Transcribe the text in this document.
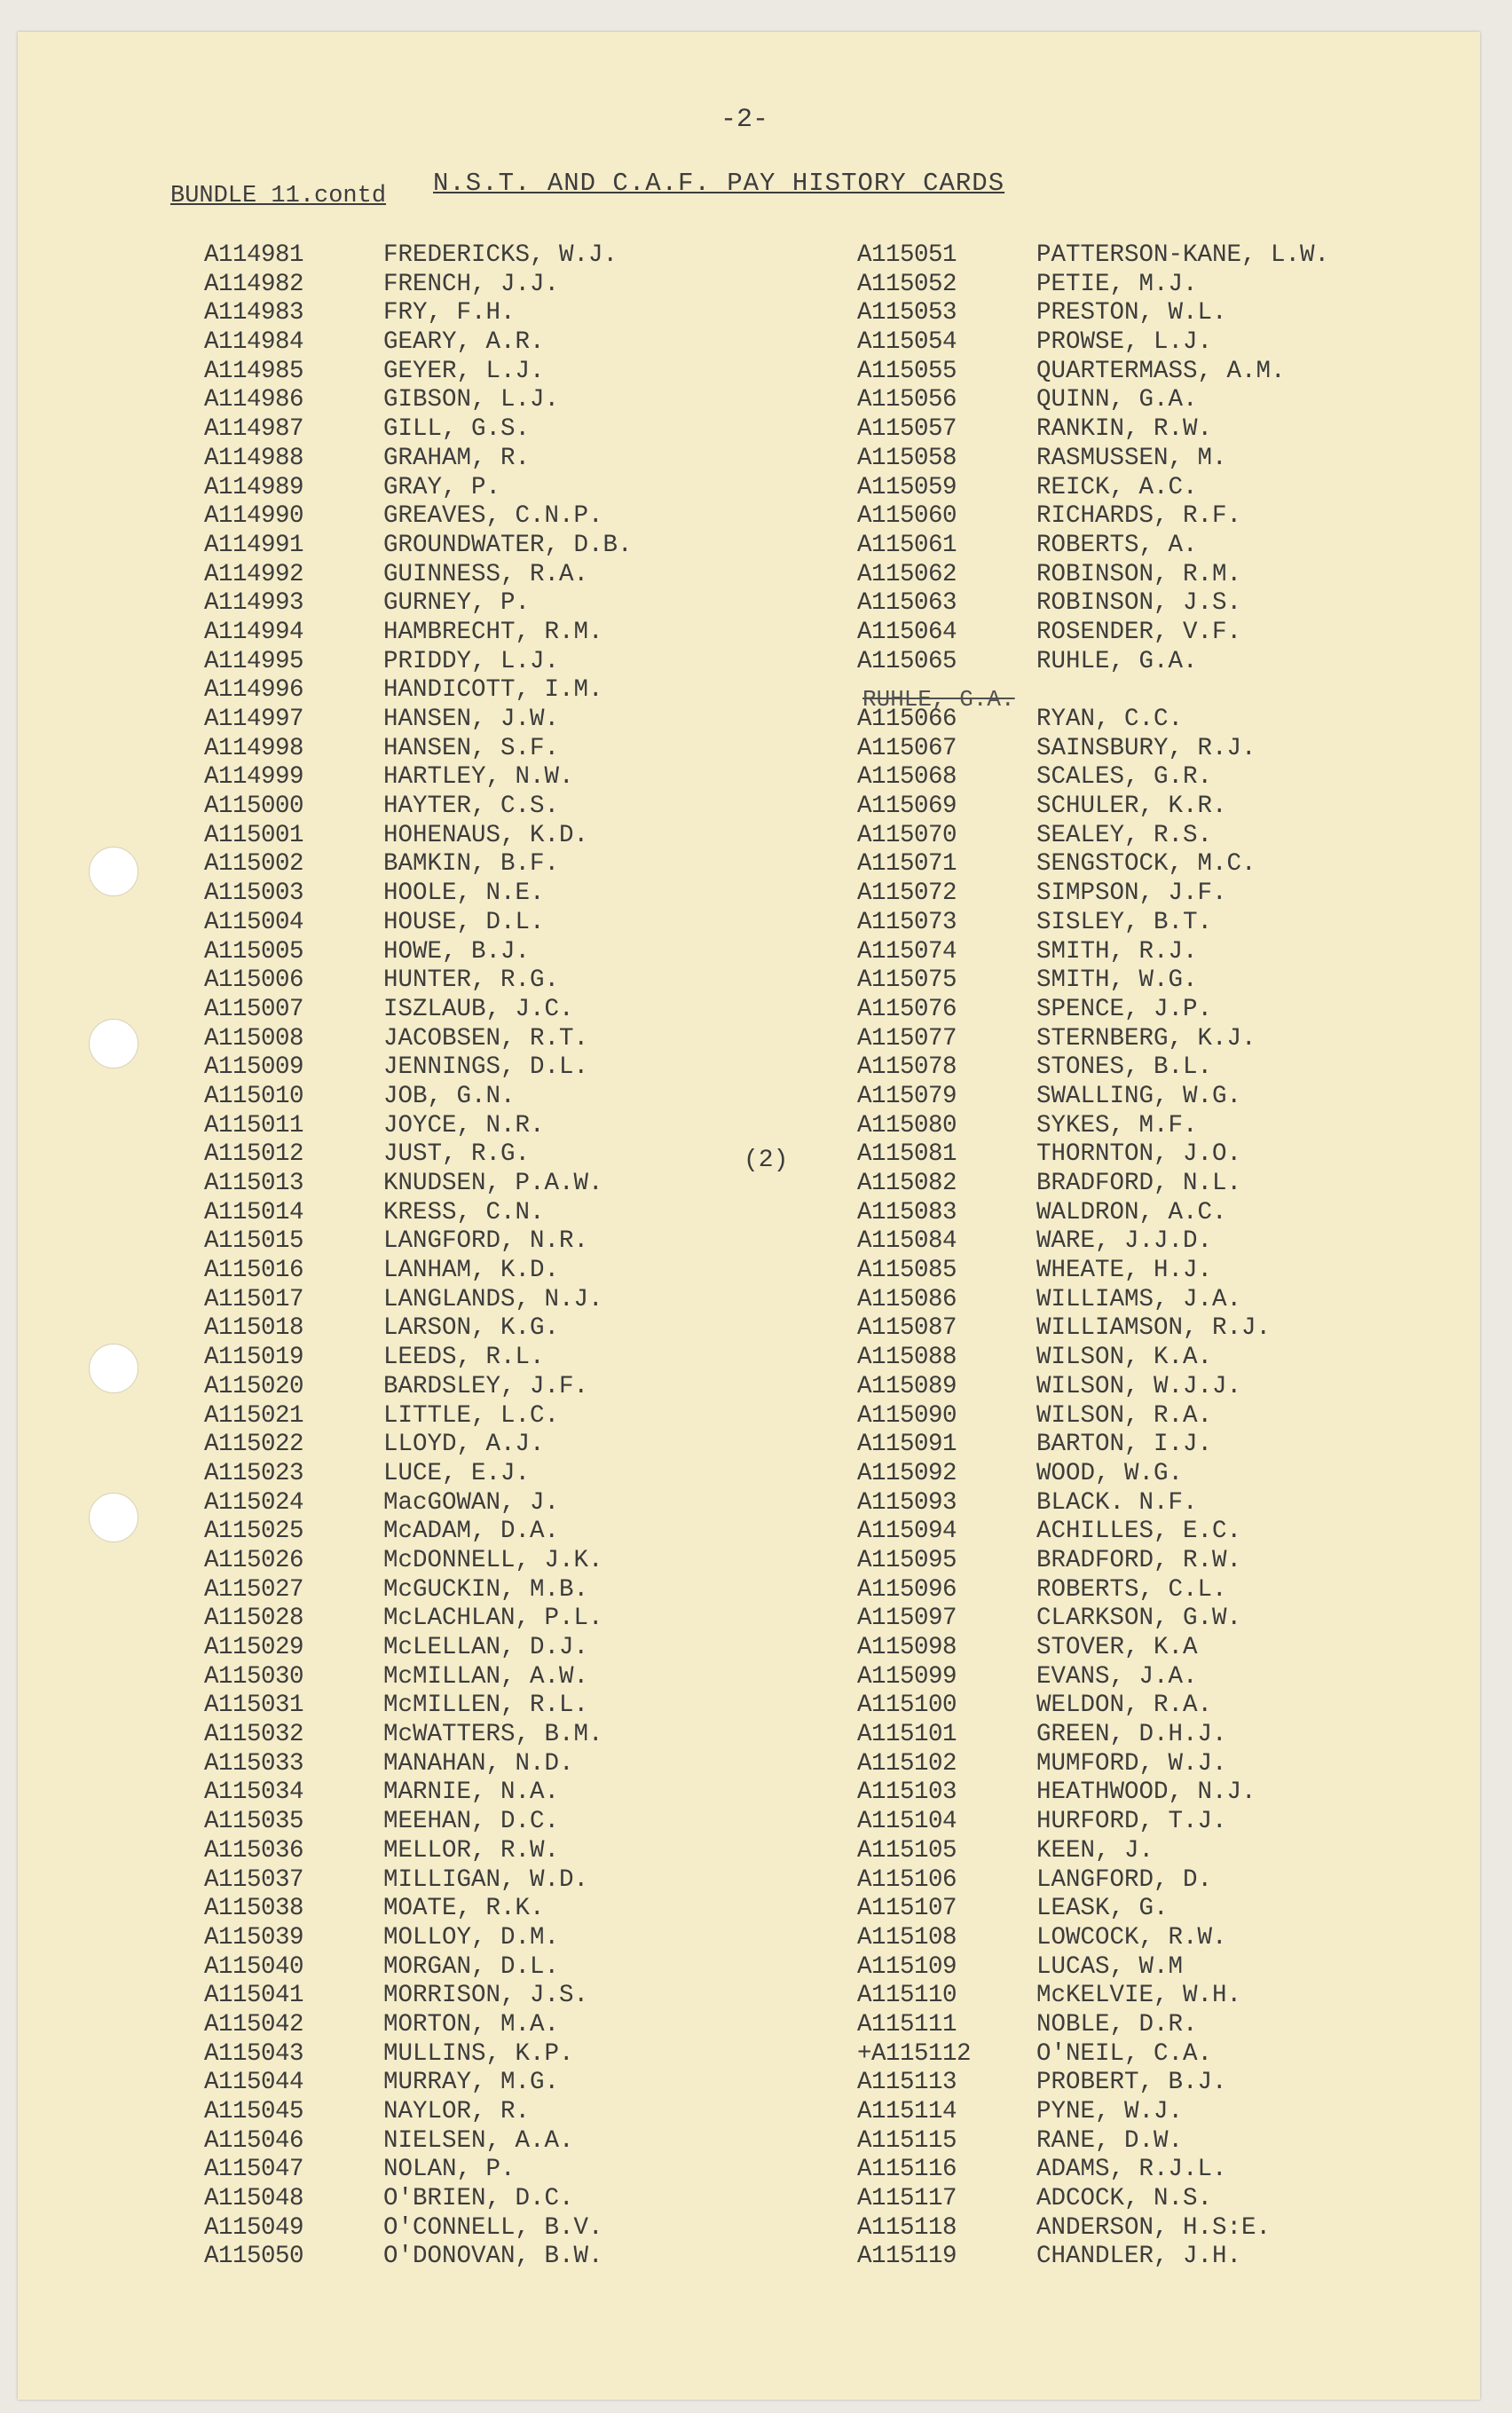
-2-
BUNDLE 11.contd N.S.T. AND C.A.F. PAY HISTORY CARDS
A114981	FREDERICKS, W.J.
A114982	FRENCH, J.J.
A114983	FRY, F.H.
A114984	GEARY, A.R.
A114985	GEYER, L.J.
A114986	GIBSON, L.J.
A114987	GILL, G.S.
A114988	GRAHAM, R.
A114989	GRAY, P.
A114990	GREAVES, C.N.P.
A114991	GROUNDWATER, D.B.
A114992	GUINNESS, R.A.
A114993	GURNEY, P.
A114994	HAMBRECHT, R.M.
A114995	PRIDDY, L.J.
A114996	HANDICOTT, I.M.
A114997	HANSEN, J.W.
A114998	HANSEN, S.F.
A114999	HARTLEY, N.W.
A115000	HAYTER, C.S.
A115001	HOHENAUS, K.D.
A115002	BAMKIN, B.F.
A115003	HOOLE, N.E.
A115004	HOUSE, D.L.
A115005	HOWE, B.J.
A115006	HUNTER, R.G.
A115007	ISZLAUB, J.C.
A115008	JACOBSEN, R.T.
A115009	JENNINGS, D.L.
A115010	JOB, G.N.
A115011	JOYCE, N.R.
A115012	JUST, R.G.
A115013	KNUDSEN, P.A.W.
A115014	KRESS, C.N.
A115015	LANGFORD, N.R.
A115016	LANHAM, K.D.
A115017	LANGLANDS, N.J.
A115018	LARSON, K.G.
A115019	LEEDS, R.L.
A115020	BARDSLEY, J.F.
A115021	LITTLE, L.C.
A115022	LLOYD, A.J.
A115023	LUCE, E.J.
A115024	MacGOWAN, J.
A115025	McADAM, D.A.
A115026	McDONNELL, J.K.
A115027	McGUCKIN, M.B.
A115028	McLACHLAN, P.L.
A115029	McLELLAN, D.J.
A115030	McMILLAN, A.W.
A115031	McMILLEN, R.L.
A115032	McWATTERS, B.M.
A115033	MANAHAN, N.D.
A115034	MARNIE, N.A.
A115035	MEEHAN, D.C.
A115036	MELLOR, R.W.
A115037	MILLIGAN, W.D.
A115038	MOATE, R.K.
A115039	MOLLOY, D.M.
A115040	MORGAN, D.L.
A115041	MORRISON, J.S.
A115042	MORTON, M.A.
A115043	MULLINS, K.P.
A115044	MURRAY, M.G.
A115045	NAYLOR, R.
A115046	NIELSEN, A.A.
A115047	NOLAN, P.
A115048	O'BRIEN, D.C.
A115049	O'CONNELL, B.V.
A115050	O'DONOVAN, B.W.
A115051	PATTERSON-KANE, L.W.
A115052	PETIE, M.J.
A115053	PRESTON, W.L.
A115054	PROWSE, L.J.
A115055	QUARTERMASS, A.M.
A115056	QUINN, G.A.
A115057	RANKIN, R.W.
A115058	RASMUSSEN, M.
A115059	REICK, A.C.
A115060	RICHARDS, R.F.
A115061	ROBERTS, A.
A115062	ROBINSON, R.M.
A115063	ROBINSON, J.S.
A115064	ROSENDER, V.F.
A115065	RUHLE, G.A.
A115066	RYAN, C.C.
A115067	SAINSBURY, R.J.
A115068	SCALES, G.R.
A115069	SCHULER, K.R.
A115070	SEALEY, R.S.
A115071	SENGSTOCK, M.C.
A115072	SIMPSON, J.F.
A115073	SISLEY, B.T.
A115074	SMITH, R.J.
A115075	SMITH, W.G.
A115076	SPENCE, J.P.
A115077	STERNBERG, K.J.
A115078	STONES, B.L.
A115079	SWALLING, W.G.
A115080	SYKES, M.F.
A115081	THORNTON, J.O.
A115082	BRADFORD, N.L.
A115083	WALDRON, A.C.
A115084	WARE, J.J.D.
A115085	WHEATE, H.J.
A115086	WILLIAMS, J.A.
A115087	WILLIAMSON, R.J.
A115088	WILSON, K.A.
A115089	WILSON, W.J.J.
A115090	WILSON, R.A.
A115091	BARTON, I.J.
A115092	WOOD, W.G.
A115093	BLACK. N.F.
A115094	ACHILLES, E.C.
A115095	BRADFORD, R.W.
A115096	ROBERTS, C.L.
A115097	CLARKSON, G.W.
A115098	STOVER, K.A
A115099	EVANS, J.A.
A115100	WELDON, R.A.
A115101	GREEN, D.H.J.
A115102	MUMFORD, W.J.
A115103	HEATHWOOD, N.J.
A115104	HURFORD, T.J.
A115105	KEEN, J.
A115106	LANGFORD, D.
A115107	LEASK, G.
A115108	LOWCOCK, R.W.
A115109	LUCAS, W.M
A115110	McKELVIE, W.H.
A115111	NOBLE, D.R.
+A115112	O'NEIL, C.A.
A115113	PROBERT, B.J.
A115114	PYNE, W.J.
A115115	RANE, D.W.
A115116	ADAMS, R.J.L.
A115117	ADCOCK, N.S.
A115118	ANDERSON, H.S:E.
A115119	CHANDLER, J.H.
(2)
RUHLE, G.A.
